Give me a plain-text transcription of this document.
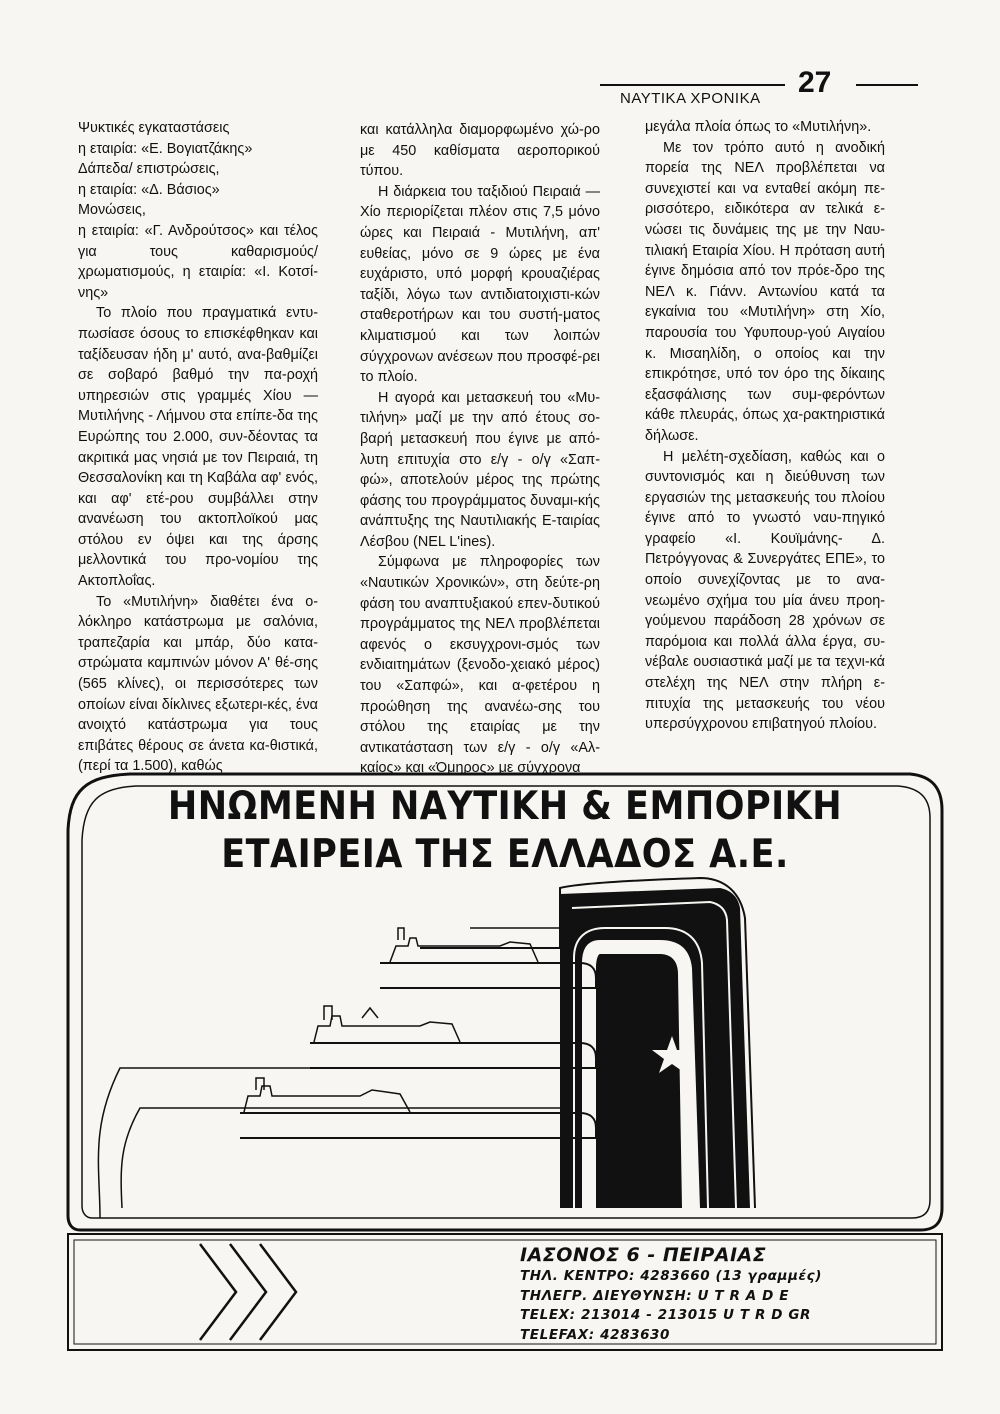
ΝΑΥΤΙΚΑ ΧΡΟΝΙΚΑ 27

Ψυκτικές εγκαταστάσεις
η εταιρία: «Ε. Βογιατζάκης»
Δάπεδα/ επιστρώσεις,
η εταιρία: «Δ. Βάσιος»
Μονώσεις,
η εταιρία: «Γ. Ανδρούτσος» και τέλος για τους καθαρισμούς/ χρωματισμούς, η εταιρία: «Ι. Κοτσί-νης»

Το πλοίο που πραγματικά εντυ-πωσίασε όσους το επισκέφθηκαν και ταξίδευσαν ήδη μ' αυτό, ανα-βαθμίζει σε σοβαρό βαθμό την πα-ροχή υπηρεσιών στις γραμμές Χίου — Μυτιλήνης - Λήμνου στα επίπε-δα της Ευρώπης του 2.000, συν-δέοντας τα ακριτικά μας νησιά με τον Πειραιά, τη Θεσσαλονίκη και τη Καβάλα αφ' ενός, και αφ' ετέ-ρου συμβάλλει στην ανανέωση του ακτοπλοϊκού μας στόλου εν όψει και της άρσης μελλοντικά του προ-νομίου της Ακτοπλοΐας.

Το «Μυτιλήνη» διαθέτει ένα ο-λόκληρο κατάστρωμα με σαλόνια, τραπεζαρία και μπάρ, δύο κατα-στρώματα καμπινών μόνον Α' θέ-σης (565 κλίνες), οι περισσότερες των οποίων είναι δίκλινες εξωτερι-κές, ένα ανοιχτό κατάστρωμα για τους επιβάτες θέρους σε άνετα κα-θιστικά, (περί τα 1.500), καθώς

και κατάλληλα διαμορφωμένο χώ-ρο με 450 καθίσματα αεροπορικού τύπου.

Η διάρκεια του ταξιδιού Πειραιά — Χίο περιορίζεται πλέον στις 7,5 μόνο ώρες και Πειραιά - Μυτιλήνη, απ' ευθείας, μόνο σε 9 ώρες με ένα ευχάριστο, υπό μορφή κρουαζιέρας ταξίδι, λόγω των αντιδιατοιχιστι-κών σταθεροτήρων και του συστή-ματος κλιματισμού και των λοιπών σύγχρονων ανέσεων που προσφέ-ρει το πλοίο.

Η αγορά και μετασκευή του «Μυ-τιλήνη» μαζί με την από έτους σο-βαρή μετασκευή που έγινε με από-λυτη επιτυχία στο ε/γ - ο/γ «Σαπ-φώ», αποτελούν μέρος της πρώτης φάσης του προγράμματος δυναμι-κής ανάπτυξης της Ναυτιλιακής Ε-ταιρίας Λέσβου (NEL L'ines).

Σύμφωνα με πληροφορίες των «Ναυτικών Χρονικών», στη δεύτε-ρη φάση του αναπτυξιακού επεν-δυτικού προγράμματος της ΝΕΛ προβλέπεται αφενός ο εκσυγχρονι-σμός των ενδιαιτημάτων (ξενοδο-χειακό μέρος) του «Σαπφώ», και α-φετέρου η προώθηση της ανανέω-σης του στόλου της εταιρίας με την αντικατάσταση των ε/γ - ο/γ «Αλ-καίος» και «Όμηρος» με σύγχρονα

μεγάλα πλοία όπως το «Μυτιλήνη».

Με τον τρόπο αυτό η ανοδική πορεία της ΝΕΛ προβλέπεται να συνεχιστεί και να ενταθεί ακόμη πε-ρισσότερο, ειδικότερα αν τελικά ε-νώσει τις δυνάμεις της με την Ναυ-τιλιακή Εταιρία Χίου. Η πρόταση αυτή έγινε δημόσια από τον πρόε-δρο της ΝΕΛ κ. Γιάνν. Αντωνίου κατά τα εγκαίνια του «Μυτιλήνη» στη Χίο, παρουσία του Υφυπουρ-γού Αιγαίου κ. Μισαηλίδη, ο οποίος και την επικρότησε, υπό τον όρο της δίκαιης εξασφάλισης των συμ-φερόντων κάθε πλευράς, όπως χα-ρακτηριστικά δήλωσε.

Η μελέτη-σχεδίαση, καθώς και ο συντονισμός και η διεύθυνση των εργασιών της μετασκευής του πλοίου έγινε από το γνωστό ναυ-πηγικό γραφείο «Ι. Κουϊμάνης- Δ. Πετρόγγονας & Συνεργάτες ΕΠΕ», το οποίο συνεχίζοντας με το ανα-νεωμένο σχήμα του μία άνευ προη-γούμενου παράδοση 28 χρόνων σε παρόμοια και πολλά άλλα έργα, συ-νέβαλε ουσιαστικά μαζί με τα τεχνι-κά στελέχη της ΝΕΛ στην πλήρη ε-πιτυχία της μετασκευής του νέου υπερσύγχρονου επιβατηγού πλοίου.

ΗΝΩΜΕΝΗ ΝΑΥΤΙΚΗ & ΕΜΠΟΡΙΚΗ
ΕΤΑΙΡΕΙΑ ΤΗΣ ΕΛΛΑΔΟΣ Α.Ε.
ΙΑΣΟΝΟΣ 6 - ΠΕΙΡΑΙΑΣ
ΤΗΛ. ΚΕΝΤΡΟ: 4283660 (13 γραμμές)
ΤΗΛΕΓΡ. ΔΙΕΥΘΥΝΣΗ: U T R A D E
TELEX: 213014 - 213015 U T R D GR
TELEFAX: 4283630
